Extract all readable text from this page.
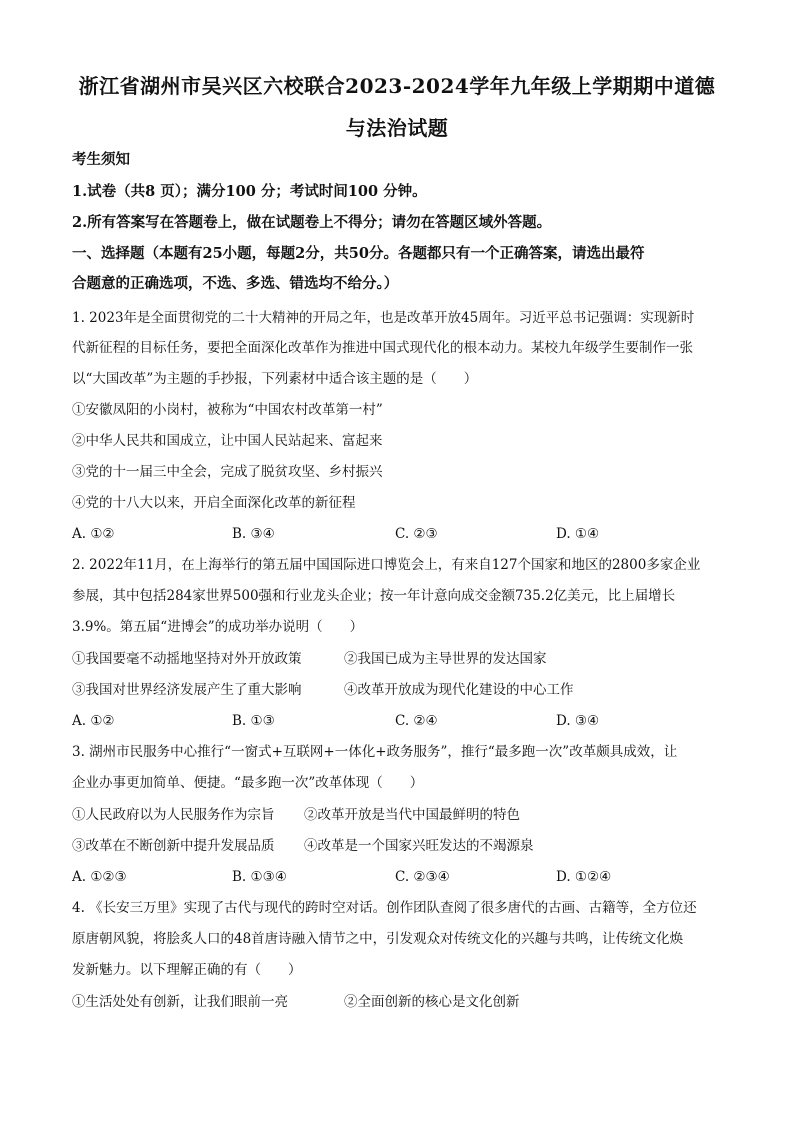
浙江省湖州市吴兴区六校联合2023-2024学年九年级上学期期中道德
与法治试题
考生须知
1.试卷（共8 页）；满分100 分；考试时间100 分钟。
2.所有答案写在答题卷上，做在试题卷上不得分；请勿在答题区域外答题。
一、选择题（本题有25小题，每题2分，共50分。各题都只有一个正确答案，请选出最符
合题意的正确选项，不选、多选、错选均不给分。）
1. 2023年是全面贯彻党的二十大精神的开局之年，也是改革开放45周年。习近平总书记强调：实现新时
代新征程的目标任务，要把全面深化改革作为推进中国式现代化的根本动力。某校九年级学生要制作一张
以“大国改革”为主题的手抄报，下列素材中适合该主题的是（　　）
①安徽凤阳的小岗村，被称为“中国农村改革第一村”
②中华人民共和国成立，让中国人民站起来、富起来
③党的十一届三中全会，完成了脱贫攻坚、乡村振兴
④党的十八大以来，开启全面深化改革的新征程
A. ①②	B. ③④	C. ②③	D. ①④
2. 2022年11月，在上海举行的第五届中国国际进口博览会上，有来自127个国家和地区的2800多家企业
参展，其中包括284家世界500强和行业龙头企业；按一年计意向成交金额735.2亿美元，比上届增长
3.9%。第五届“进博会”的成功举办说明（　　）
①我国要毫不动摇地坚持对外开放政策	②我国已成为主导世界的发达国家
③我国对世界经济发展产生了重大影响	④改革开放成为现代化建设的中心工作
A. ①②	B. ①③	C. ②④	D. ③④
3. 湖州市民服务中心推行“一窗式+互联网+一体化+政务服务”，推行“最多跑一次”改革颇具成效，让
企业办事更加简单、便捷。“最多跑一次”改革体现（　　）
①人民政府以为人民服务作为宗旨 ②改革开放是当代中国最鲜明的特色
③改革在不断创新中提升发展品质 ④改革是一个国家兴旺发达的不竭源泉
A. ①②③	B. ①③④	C. ②③④	D. ①②④
4. 《长安三万里》实现了古代与现代的跨时空对话。创作团队查阅了很多唐代的古画、古籍等，全方位还
原唐朝风貌，将脍炙人口的48首唐诗融入情节之中，引发观众对传统文化的兴趣与共鸣，让传统文化焕
发新魅力。以下理解正确的有（　　）
①生活处处有创新，让我们眼前一亮	②全面创新的核心是文化创新
